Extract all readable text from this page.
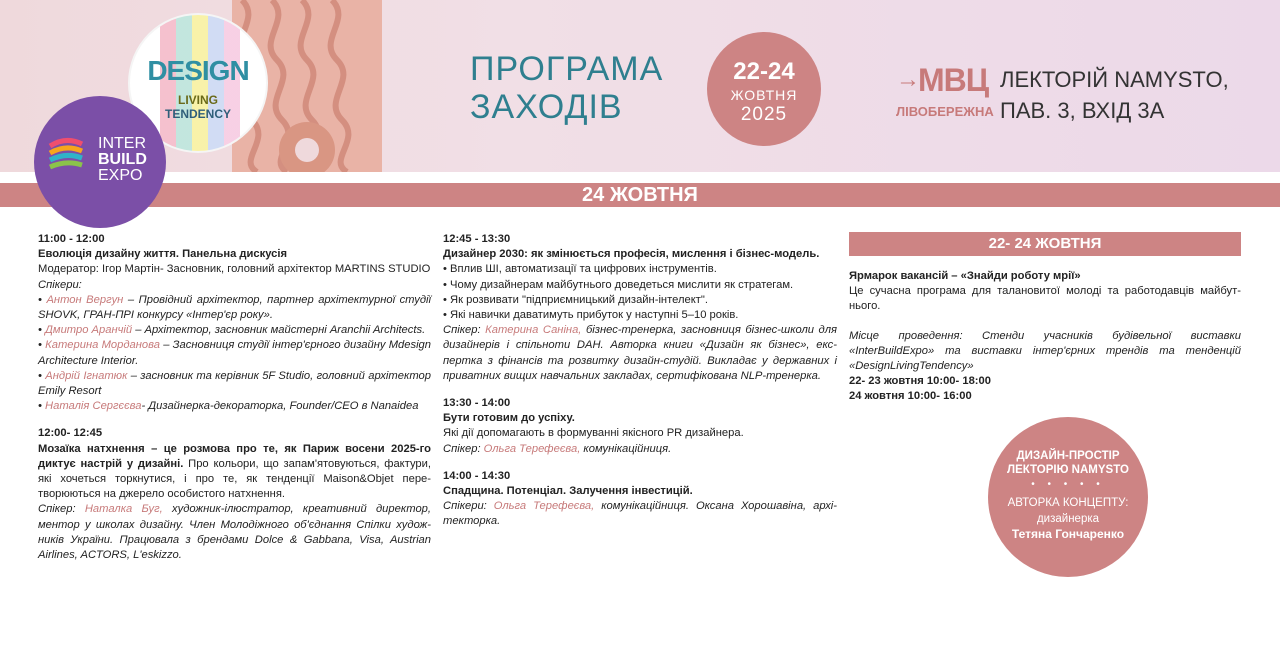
DESIGN
LIVING
TENDENCY
ПРОГРАМА ЗАХОДІВ
22-24
ЖОВТНЯ
2025
→
МВЦ
ЛІВОБЕРЕЖНА
ЛЕКТОРІЙ NAMYSTO, ПАВ. 3, ВХІД 3А
INTER
BUILD
EXPO
24 ЖОВТНЯ
11:00 - 12:00
Еволюція дизайну життя. Панельна дискусія
Модератор: Ігор Мартін- Засновник, головний архітектор MARTINS STUDIO
Спікери:
• Антон Вергун – Провідний архітектор, партнер архітектурної студії SHOVK, ГРАН-ПРІ конкурсу «Інтер'єр року».
• Дмитро Аранчій – Архітектор, засновник майстерні Aranchii Architects.
• Катерина Морданова – Засновниця студії інтер'єрного дизайну Mdesign Architecture Interior.
• Андрій Ігнатюк – засновник та керівник 5F Studio, головний архітектор Emily Resort
• Наталія Сергєєва- Дизайнерка-декораторка, Founder/CEO в Nanaidea
12:00- 12:45
Мозаїка натхнення – це розмова про те, як Париж восени 2025-го диктує настрій у дизайні. Про кольори, що запам'ятовуються, фактури, які хочеться торкнутися, і про те, як тенденції Maison&Objet перетворюються на джерело особистого натхнення.
Спікер: Наталка Буг, художник-ілюстратор, креативний директор, ментор у школах дизайну. Член Молодіжного об'єднання Спілки художників України. Працювала з брендами Dolce & Gabbana, Visa, Austrian Airlines, ACTORS, L'eskizzo.
12:45 - 13:30
Дизайнер 2030: як змінюється професія, мислення і бізнес-модель.
• Вплив ШІ, автоматизації та цифрових інструментів.
• Чому дизайнерам майбутнього доведеться мислити як стратегам.
• Як розвивати "підприємницький дизайн-інтелект".
• Які навички даватимуть прибуток у наступні 5–10 років.
Спікер: Катерина Саніна, бізнес-тренерка, засновниця бізнес-школи для дизайнерів і спільноти DAH. Авторка книги «Дизайн як бізнес», експертка з фінансів та розвитку дизайн-студій. Викладає у державних і приватних вищих навчальних закладах, сертифікована NLP-тренерка.
13:30 - 14:00
Бути готовим до успіху.
Які дії допомагають в формуванні якісного PR дизайнера.
Спікер: Ольга Терефеєва, комунікаційниця.
14:00 - 14:30
Спадщина. Потенціал. Залучення інвестицій.
Спікери: Ольга Терефеєва, комунікаційниця. Оксана Хорошавіна, архітекторка.
22- 24 ЖОВТНЯ
Ярмарок вакансій – «Знайди роботу мрії»
Це сучасна програма для талановитої молоді та работодавців майбутнього.
Місце проведення: Стенди учасників будівельної виставки «InterBuildExpo» та виставки інтер'єрних трендів та тенденцій «DesignLivingTendency»
22- 23 жовтня 10:00- 18:00
24 жовтня 10:00- 16:00
ДИЗАЙН-ПРОСТІР ЛЕКТОРІЮ NAMYSTO
• • • • •
АВТОРКА КОНЦЕПТУ: дизайнерка
Тетяна Гончаренко
